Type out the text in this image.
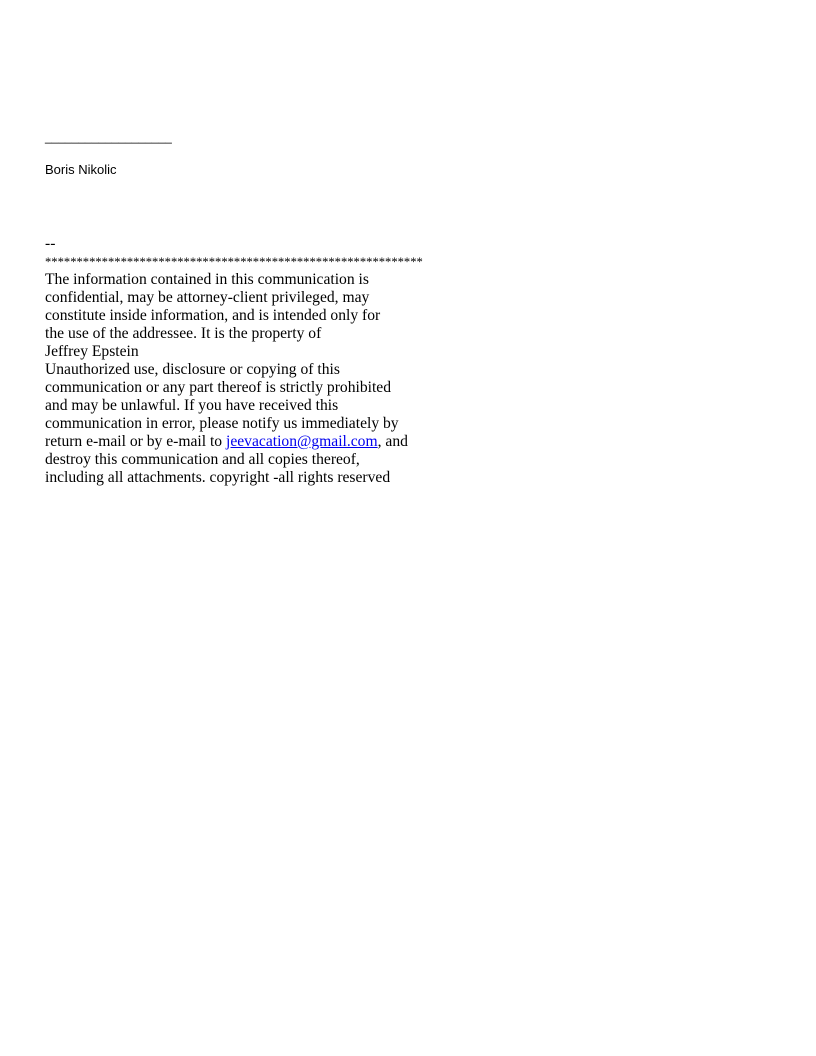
___________________
Boris Nikolic
--
************************************************************
The information contained in this communication is
confidential, may be attorney-client privileged, may
constitute inside information, and is intended only for
the use of the addressee. It is the property of
Jeffrey Epstein
Unauthorized use, disclosure or copying of this
communication or any part thereof is strictly prohibited
and may be unlawful. If you have received this
communication in error, please notify us immediately by
return e-mail or by e-mail to jeevacation@gmail.com, and
destroy this communication and all copies thereof,
including all attachments. copyright -all rights reserved
